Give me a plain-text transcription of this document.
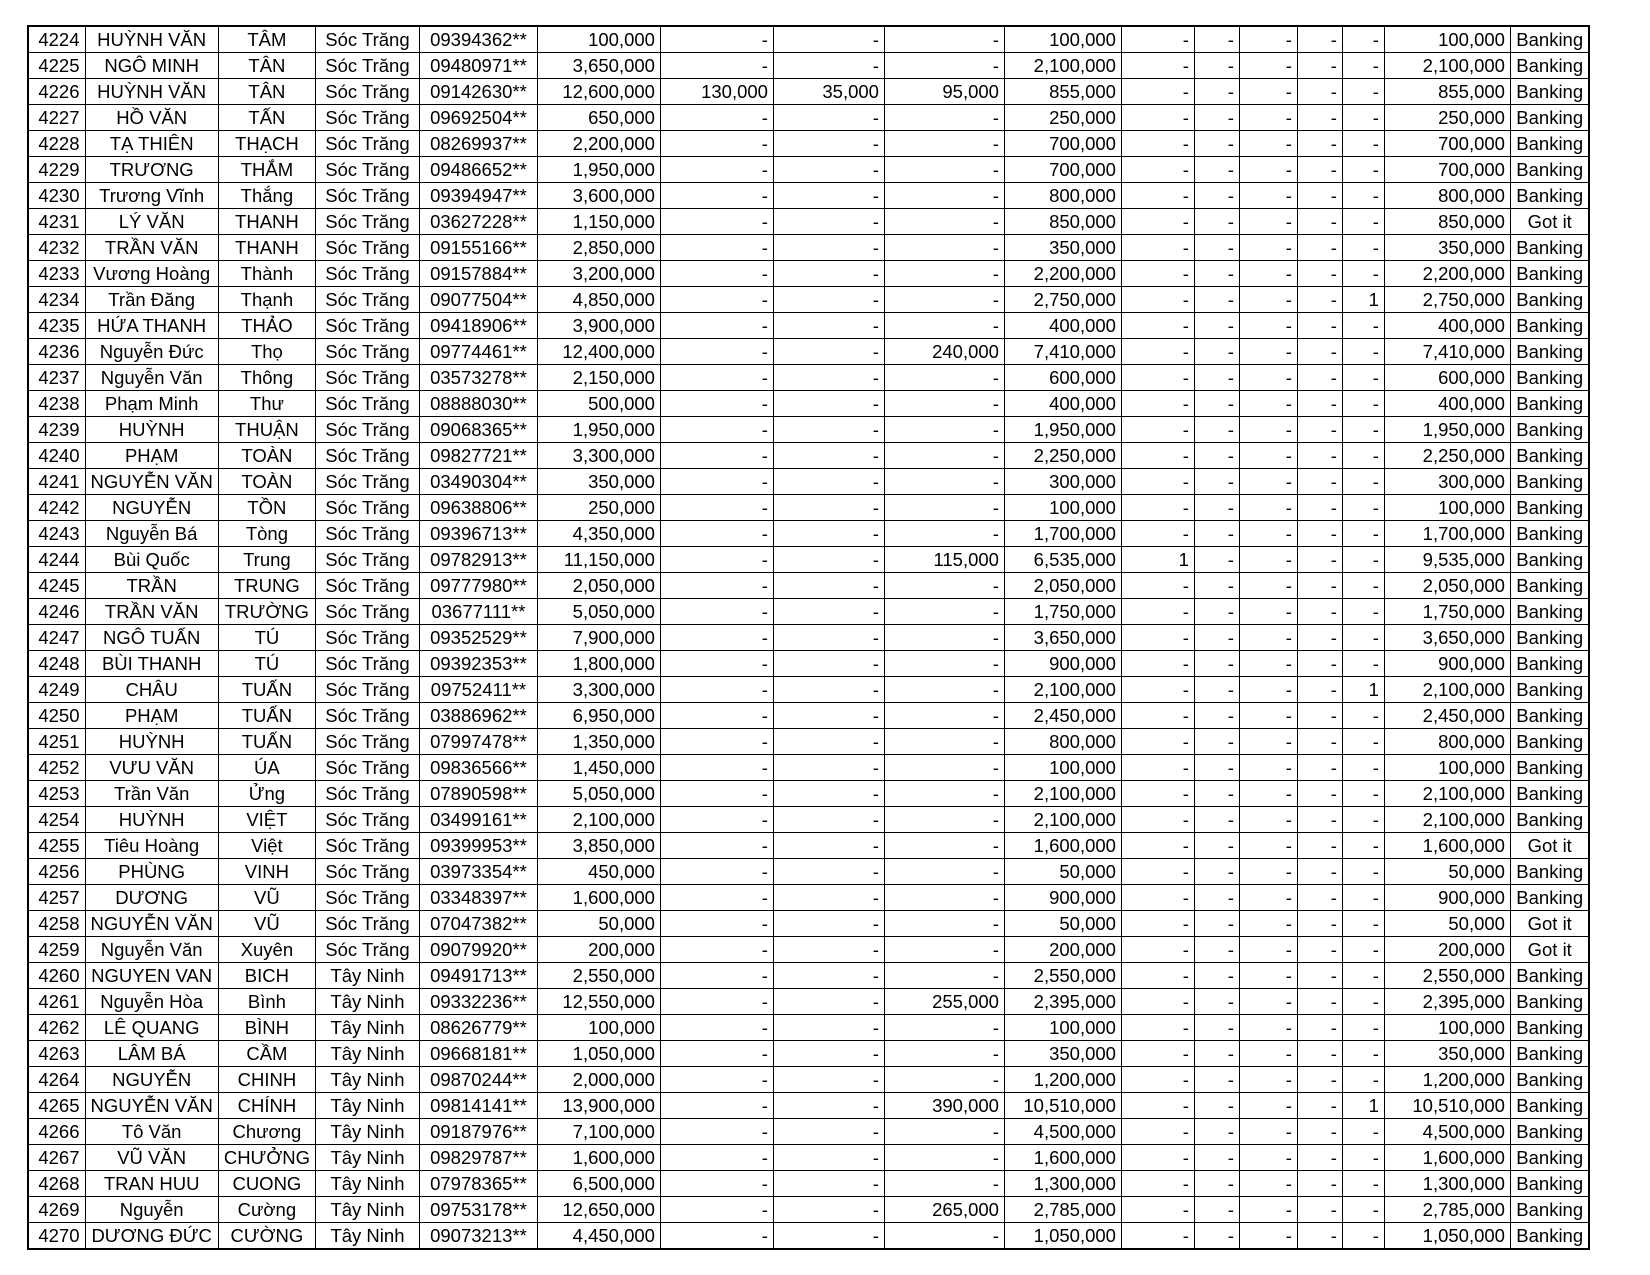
4224	HUỲNH VĂN	TÂM	Sóc Trăng	09394362**	100,000	-	-	-	100,000	-	-	-	-	-	100,000	Banking
4225	NGÔ MINH	TÂN	Sóc Trăng	09480971**	3,650,000	-	-	-	2,100,000	-	-	-	-	-	2,100,000	Banking
4226	HUỲNH VĂN	TÂN	Sóc Trăng	09142630**	12,600,000	130,000	35,000	95,000	855,000	-	-	-	-	-	855,000	Banking
4227	HỒ VĂN	TẤN	Sóc Trăng	09692504**	650,000	-	-	-	250,000	-	-	-	-	-	250,000	Banking
4228	TẠ THIÊN	THẠCH	Sóc Trăng	08269937**	2,200,000	-	-	-	700,000	-	-	-	-	-	700,000	Banking
4229	TRƯƠNG	THẮM	Sóc Trăng	09486652**	1,950,000	-	-	-	700,000	-	-	-	-	-	700,000	Banking
4230	Trương Vĩnh	Thắng	Sóc Trăng	09394947**	3,600,000	-	-	-	800,000	-	-	-	-	-	800,000	Banking
4231	LÝ VĂN	THANH	Sóc Trăng	03627228**	1,150,000	-	-	-	850,000	-	-	-	-	-	850,000	Got it
4232	TRẦN VĂN	THANH	Sóc Trăng	09155166**	2,850,000	-	-	-	350,000	-	-	-	-	-	350,000	Banking
4233	Vương Hoàng	Thành	Sóc Trăng	09157884**	3,200,000	-	-	-	2,200,000	-	-	-	-	-	2,200,000	Banking
4234	Trần Đăng	Thạnh	Sóc Trăng	09077504**	4,850,000	-	-	-	2,750,000	-	-	-	-	1	2,750,000	Banking
4235	HỨA THANH	THẢO	Sóc Trăng	09418906**	3,900,000	-	-	-	400,000	-	-	-	-	-	400,000	Banking
4236	Nguyễn Đức	Thọ	Sóc Trăng	09774461**	12,400,000	-	-	240,000	7,410,000	-	-	-	-	-	7,410,000	Banking
4237	Nguyễn Văn	Thông	Sóc Trăng	03573278**	2,150,000	-	-	-	600,000	-	-	-	-	-	600,000	Banking
4238	Phạm Minh	Thư	Sóc Trăng	08888030**	500,000	-	-	-	400,000	-	-	-	-	-	400,000	Banking
4239	HUỲNH	THUẬN	Sóc Trăng	09068365**	1,950,000	-	-	-	1,950,000	-	-	-	-	-	1,950,000	Banking
4240	PHẠM	TOÀN	Sóc Trăng	09827721**	3,300,000	-	-	-	2,250,000	-	-	-	-	-	2,250,000	Banking
4241	NGUYỄN VĂN	TOÀN	Sóc Trăng	03490304**	350,000	-	-	-	300,000	-	-	-	-	-	300,000	Banking
4242	NGUYỄN	TỒN	Sóc Trăng	09638806**	250,000	-	-	-	100,000	-	-	-	-	-	100,000	Banking
4243	Nguyễn Bá	Tòng	Sóc Trăng	09396713**	4,350,000	-	-	-	1,700,000	-	-	-	-	-	1,700,000	Banking
4244	Bùi Quốc	Trung	Sóc Trăng	09782913**	11,150,000	-	-	115,000	6,535,000	1	-	-	-	-	9,535,000	Banking
4245	TRẦN	TRUNG	Sóc Trăng	09777980**	2,050,000	-	-	-	2,050,000	-	-	-	-	-	2,050,000	Banking
4246	TRẦN VĂN	TRƯỜNG	Sóc Trăng	03677111**	5,050,000	-	-	-	1,750,000	-	-	-	-	-	1,750,000	Banking
4247	NGÔ TUẤN	TÚ	Sóc Trăng	09352529**	7,900,000	-	-	-	3,650,000	-	-	-	-	-	3,650,000	Banking
4248	BÙI THANH	TÚ	Sóc Trăng	09392353**	1,800,000	-	-	-	900,000	-	-	-	-	-	900,000	Banking
4249	CHÂU	TUẤN	Sóc Trăng	09752411**	3,300,000	-	-	-	2,100,000	-	-	-	-	1	2,100,000	Banking
4250	PHẠM	TUẤN	Sóc Trăng	03886962**	6,950,000	-	-	-	2,450,000	-	-	-	-	-	2,450,000	Banking
4251	HUỲNH	TUẤN	Sóc Trăng	07997478**	1,350,000	-	-	-	800,000	-	-	-	-	-	800,000	Banking
4252	VƯU VĂN	ÚA	Sóc Trăng	09836566**	1,450,000	-	-	-	100,000	-	-	-	-	-	100,000	Banking
4253	Trần Văn	Ửng	Sóc Trăng	07890598**	5,050,000	-	-	-	2,100,000	-	-	-	-	-	2,100,000	Banking
4254	HUỲNH	VIỆT	Sóc Trăng	03499161**	2,100,000	-	-	-	2,100,000	-	-	-	-	-	2,100,000	Banking
4255	Tiêu Hoàng	Việt	Sóc Trăng	09399953**	3,850,000	-	-	-	1,600,000	-	-	-	-	-	1,600,000	Got it
4256	PHÙNG	VINH	Sóc Trăng	03973354**	450,000	-	-	-	50,000	-	-	-	-	-	50,000	Banking
4257	DƯƠNG	VŨ	Sóc Trăng	03348397**	1,600,000	-	-	-	900,000	-	-	-	-	-	900,000	Banking
4258	NGUYỄN VĂN	VŨ	Sóc Trăng	07047382**	50,000	-	-	-	50,000	-	-	-	-	-	50,000	Got it
4259	Nguyễn Văn	Xuyên	Sóc Trăng	09079920**	200,000	-	-	-	200,000	-	-	-	-	-	200,000	Got it
4260	NGUYEN VAN	BICH	Tây Ninh	09491713**	2,550,000	-	-	-	2,550,000	-	-	-	-	-	2,550,000	Banking
4261	Nguyễn Hòa	Bình	Tây Ninh	09332236**	12,550,000	-	-	255,000	2,395,000	-	-	-	-	-	2,395,000	Banking
4262	LÊ QUANG	BÌNH	Tây Ninh	08626779**	100,000	-	-	-	100,000	-	-	-	-	-	100,000	Banking
4263	LÂM BÁ	CẦM	Tây Ninh	09668181**	1,050,000	-	-	-	350,000	-	-	-	-	-	350,000	Banking
4264	NGUYỄN	CHINH	Tây Ninh	09870244**	2,000,000	-	-	-	1,200,000	-	-	-	-	-	1,200,000	Banking
4265	NGUYỄN VĂN	CHÍNH	Tây Ninh	09814141**	13,900,000	-	-	390,000	10,510,000	-	-	-	-	1	10,510,000	Banking
4266	Tô Văn	Chương	Tây Ninh	09187976**	7,100,000	-	-	-	4,500,000	-	-	-	-	-	4,500,000	Banking
4267	VŨ VĂN	CHƯỞNG	Tây Ninh	09829787**	1,600,000	-	-	-	1,600,000	-	-	-	-	-	1,600,000	Banking
4268	TRAN HUU	CUONG	Tây Ninh	07978365**	6,500,000	-	-	-	1,300,000	-	-	-	-	-	1,300,000	Banking
4269	Nguyễn	Cường	Tây Ninh	09753178**	12,650,000	-	-	265,000	2,785,000	-	-	-	-	-	2,785,000	Banking
4270	DƯƠNG ĐỨC	CƯỜNG	Tây Ninh	09073213**	4,450,000	-	-	-	1,050,000	-	-	-	-	-	1,050,000	Banking
